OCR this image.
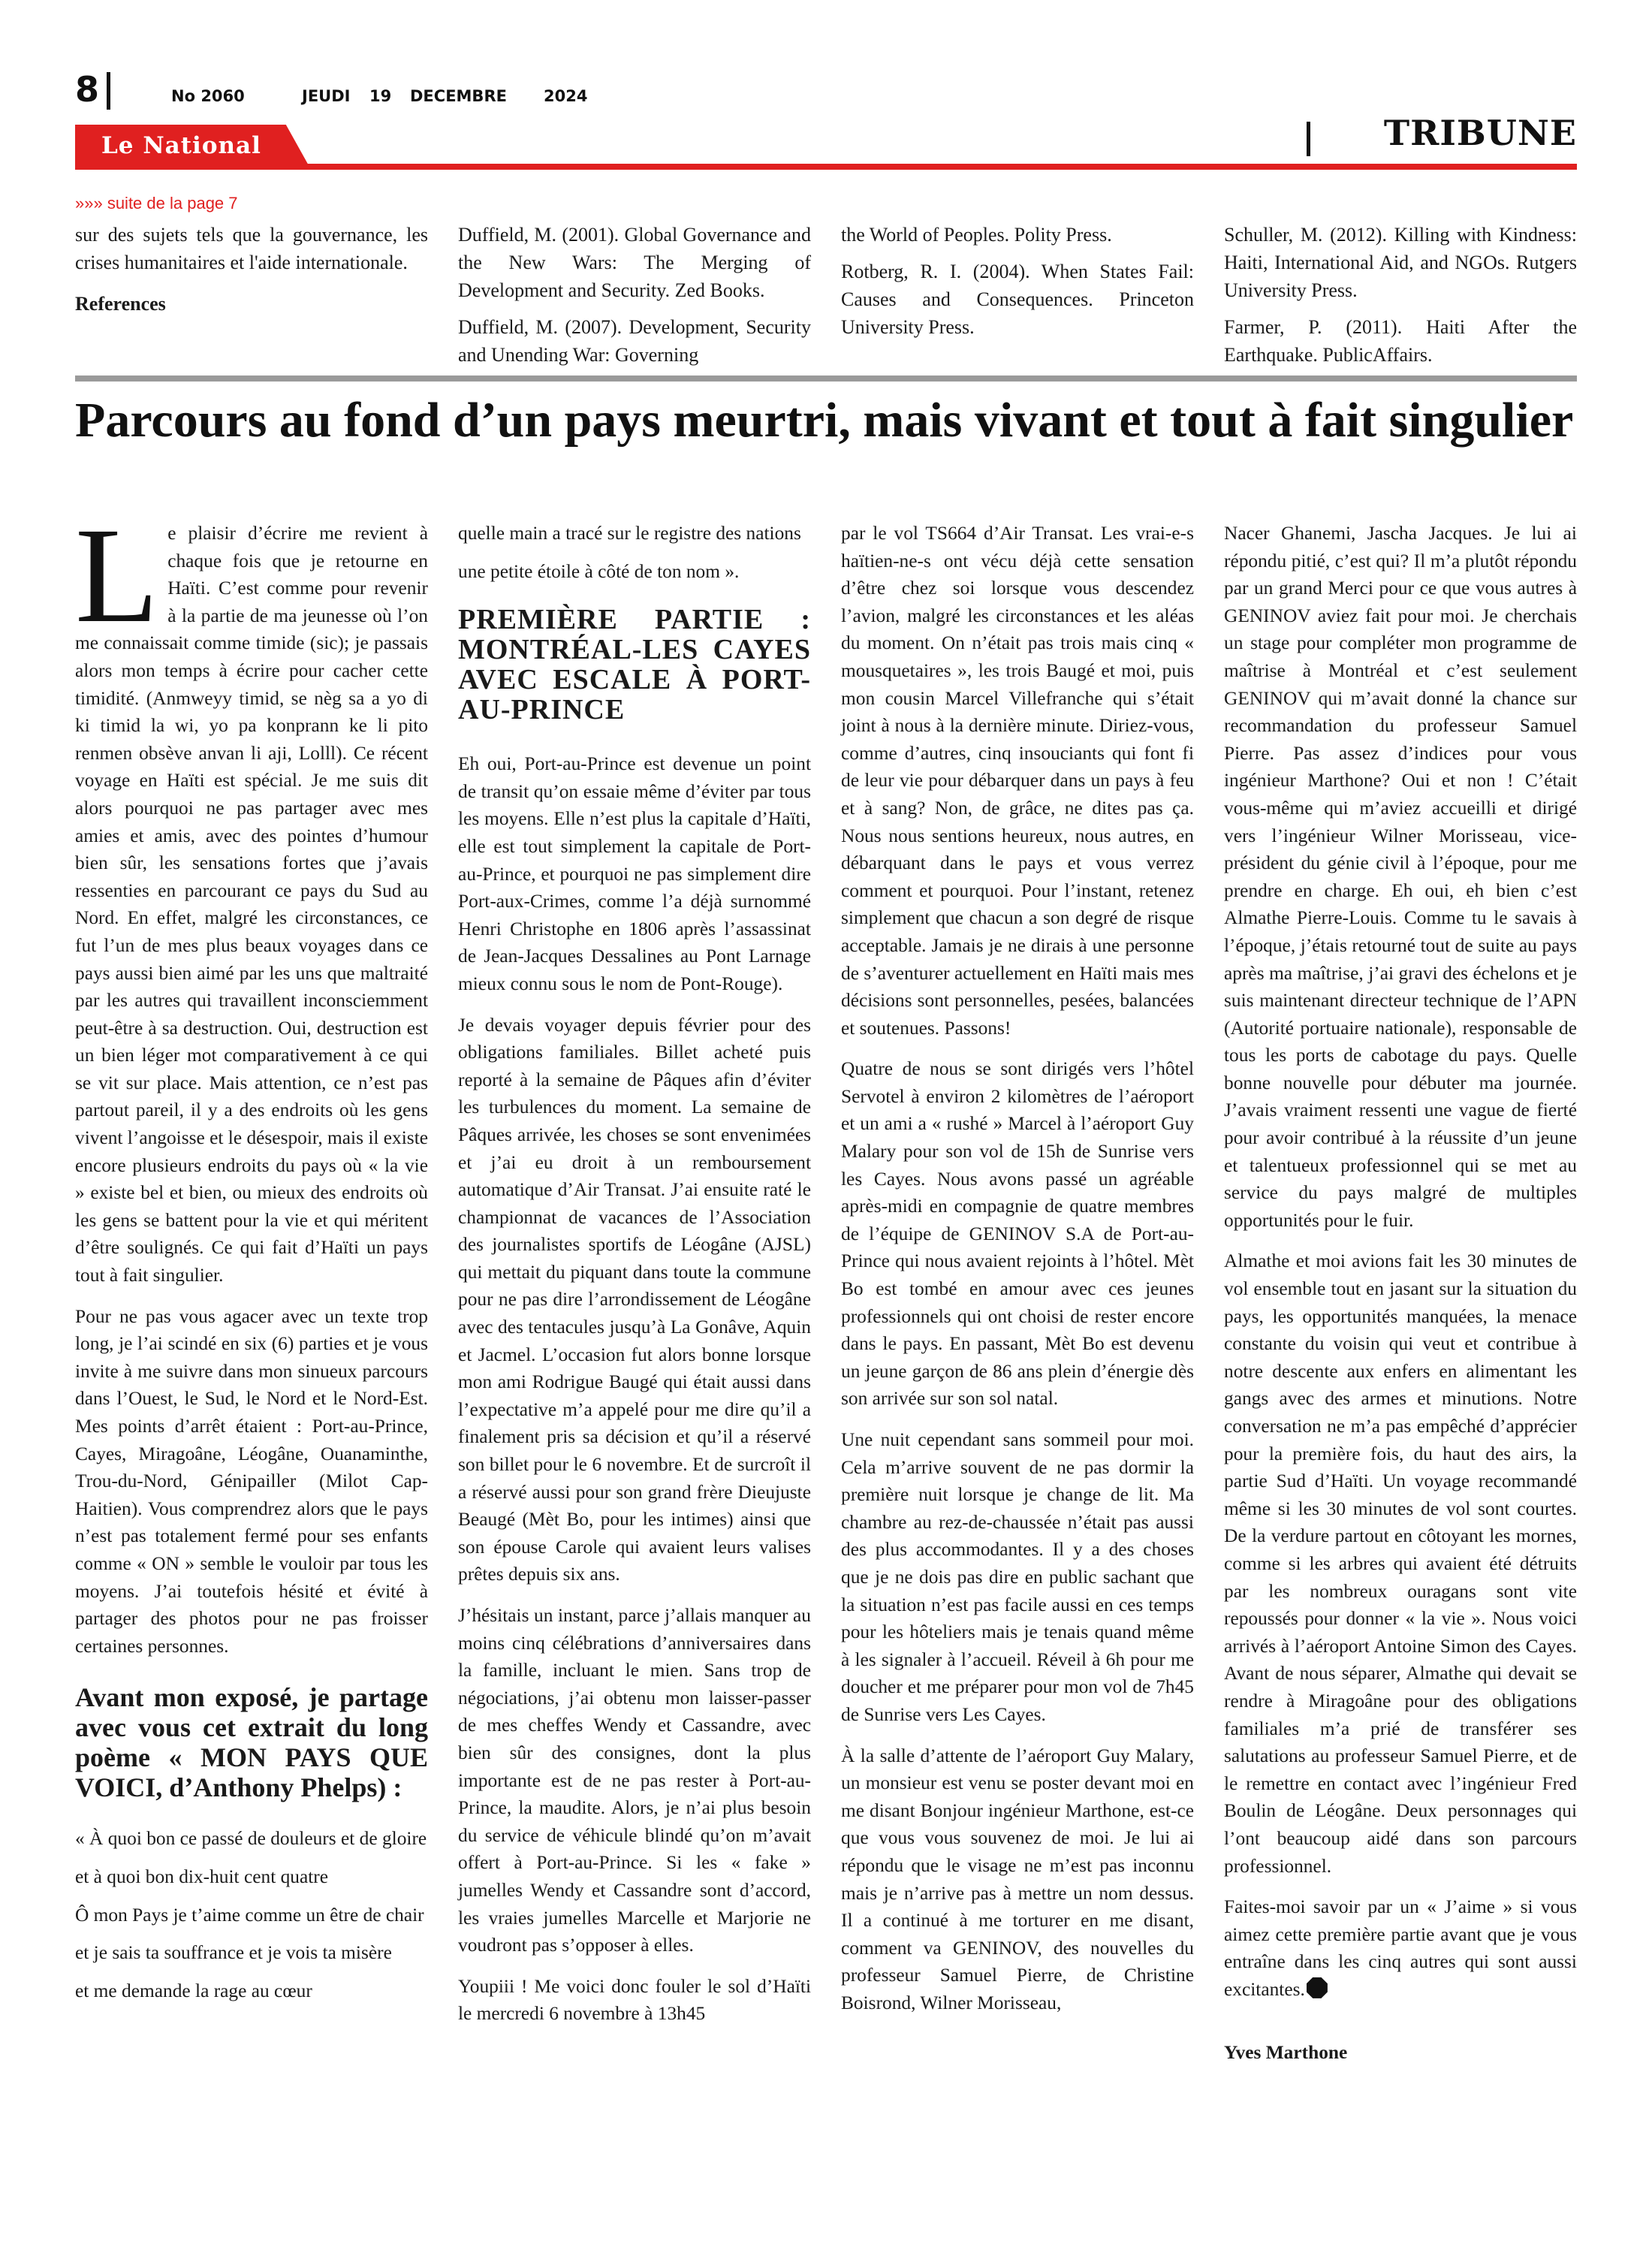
8	No 2060	JEUDI 19 DECEMBRE 2024
Le National	TRIBUNE
»»» suite de la page 7

sur des sujets tels que la gouvernance, les crises humanitaires et l'aide internationale.

References

Duffield, M. (2001). Global Governance and the New Wars: The Merging of Development and Security. Zed Books.

Duffield, M. (2007). Development, Security and Unending War: Governing

the World of Peoples. Polity Press.

Rotberg, R. I. (2004). When States Fail: Causes and Consequences. Princeton University Press.

Schuller, M. (2012). Killing with Kindness: Haiti, International Aid, and NGOs. Rutgers University Press.

Farmer, P. (2011). Haiti After the Earthquake. PublicAffairs.

Parcours au fond d’un pays meurtri, mais vivant et tout à fait singulier

Le plaisir d’écrire me revient à chaque fois que je retourne en Haïti. C’est comme pour revenir à la partie de ma jeunesse où l’on me connaissait comme timide (sic); je passais alors mon temps à écrire pour cacher cette timidité. (Anmweyy timid, se nèg sa a yo di ki timid la wi, yo pa konprann ke li pito renmen obsève anvan li aji, Lolll). Ce récent voyage en Haïti est spécial. Je me suis dit alors pourquoi ne pas partager avec mes amies et amis, avec des pointes d’humour bien sûr, les sensations fortes que j’avais ressenties en parcourant ce pays du Sud au Nord. En effet, malgré les circonstances, ce fut l’un de mes plus beaux voyages dans ce pays aussi bien aimé par les uns que maltraité par les autres qui travaillent inconsciemment peut-être à sa destruction. Oui, destruction est un bien léger mot comparativement à ce qui se vit sur place. Mais attention, ce n’est pas partout pareil, il y a des endroits où les gens vivent l’angoisse et le désespoir, mais il existe encore plusieurs endroits du pays où « la vie » existe bel et bien, ou mieux des endroits où les gens se battent pour la vie et qui méritent d’être soulignés. Ce qui fait d’Haïti un pays tout à fait singulier.

Pour ne pas vous agacer avec un texte trop long, je l’ai scindé en six (6) parties et je vous invite à me suivre dans mon sinueux parcours dans l’Ouest, le Sud, le Nord et le Nord-Est. Mes points d’arrêt étaient : Port-au-Prince, Cayes, Miragoâne, Léogâne, Ouanaminthe, Trou-du-Nord, Génipailler (Milot Cap-Haitien). Vous comprendrez alors que le pays n’est pas totalement fermé pour ses enfants comme « ON » semble le vouloir par tous les moyens. J’ai toutefois hésité et évité à partager des photos pour ne pas froisser certaines personnes.

Avant mon exposé, je partage avec vous cet extrait du long poème « MON PAYS QUE VOICI, d’Anthony Phelps) :

« À quoi bon ce passé de douleurs et de gloire

et à quoi bon dix-huit cent quatre

Ô mon Pays je t’aime comme un être de chair

et je sais ta souffrance et je vois ta misère

et me demande la rage au cœur

quelle main a tracé sur le registre des nations

une petite étoile à côté de ton nom ».

PREMIÈRE PARTIE : MONTRÉAL-LES CAYES AVEC ESCALE À PORT-AU-PRINCE

Eh oui, Port-au-Prince est devenue un point de transit qu’on essaie même d’éviter par tous les moyens. Elle n’est plus la capitale d’Haïti, elle est tout simplement la capitale de Port-au-Prince, et pourquoi ne pas simplement dire Port-aux-Crimes, comme l’a déjà surnommé Henri Christophe en 1806 après l’assassinat de Jean-Jacques Dessalines au Pont Larnage mieux connu sous le nom de Pont-Rouge).

Je devais voyager depuis février pour des obligations familiales. Billet acheté puis reporté à la semaine de Pâques afin d’éviter les turbulences du moment. La semaine de Pâques arrivée, les choses se sont envenimées et j’ai eu droit à un remboursement automatique d’Air Transat. J’ai ensuite raté le championnat de vacances de l’Association des journalistes sportifs de Léogâne (AJSL) qui mettait du piquant dans toute la commune pour ne pas dire l’arrondissement de Léogâne avec des tentacules jusqu’à La Gonâve, Aquin et Jacmel. L’occasion fut alors bonne lorsque mon ami Rodrigue Baugé qui était aussi dans l’expectative m’a appelé pour me dire qu’il a finalement pris sa décision et qu’il a réservé son billet pour le 6 novembre. Et de surcroît il a réservé aussi pour son grand frère Dieujuste Beaugé (Mèt Bo, pour les intimes) ainsi que son épouse Carole qui avaient leurs valises prêtes depuis six ans.

J’hésitais un instant, parce j’allais manquer au moins cinq célébrations d’anniversaires dans la famille, incluant le mien. Sans trop de négociations, j’ai obtenu mon laisser-passer de mes cheffes Wendy et Cassandre, avec bien sûr des consignes, dont la plus importante est de ne pas rester à Port-au-Prince, la maudite. Alors, je n’ai plus besoin du service de véhicule blindé qu’on m’avait offert à Port-au-Prince. Si les « fake » jumelles Wendy et Cassandre sont d’accord, les vraies jumelles Marcelle et Marjorie ne voudront pas s’opposer à elles.

Youpiii ! Me voici donc fouler le sol d’Haïti le mercredi 6 novembre à 13h45

par le vol TS664 d’Air Transat. Les vrai-e-s haïtien-ne-s ont vécu déjà cette sensation d’être chez soi lorsque vous descendez l’avion, malgré les circonstances et les aléas du moment. On n’était pas trois mais cinq « mousquetaires », les trois Baugé et moi, puis mon cousin Marcel Villefranche qui s’était joint à nous à la dernière minute. Diriez-vous, comme d’autres, cinq insouciants qui font fi de leur vie pour débarquer dans un pays à feu et à sang? Non, de grâce, ne dites pas ça. Nous nous sentions heureux, nous autres, en débarquant dans le pays et vous verrez comment et pourquoi. Pour l’instant, retenez simplement que chacun a son degré de risque acceptable. Jamais je ne dirais à une personne de s’aventurer actuellement en Haïti mais mes décisions sont personnelles, pesées, balancées et soutenues. Passons!

Quatre de nous se sont dirigés vers l’hôtel Servotel à environ 2 kilomètres de l’aéroport et un ami a « rushé » Marcel à l’aéroport Guy Malary pour son vol de 15h de Sunrise vers les Cayes. Nous avons passé un agréable après-midi en compagnie de quatre membres de l’équipe de GENINOV S.A de Port-au-Prince qui nous avaient rejoints à l’hôtel. Mèt Bo est tombé en amour avec ces jeunes professionnels qui ont choisi de rester encore dans le pays. En passant, Mèt Bo est devenu un jeune garçon de 86 ans plein d’énergie dès son arrivée sur son sol natal.

Une nuit cependant sans sommeil pour moi. Cela m’arrive souvent de ne pas dormir la première nuit lorsque je change de lit. Ma chambre au rez-de-chaussée n’était pas aussi des plus accommodantes. Il y a des choses que je ne dois pas dire en public sachant que la situation n’est pas facile aussi en ces temps pour les hôteliers mais je tenais quand même à les signaler à l’accueil. Réveil à 6h pour me doucher et me préparer pour mon vol de 7h45 de Sunrise vers Les Cayes.

À la salle d’attente de l’aéroport Guy Malary, un monsieur est venu se poster devant moi en me disant Bonjour ingénieur Marthone, est-ce que vous vous souvenez de moi. Je lui ai répondu que le visage ne m’est pas inconnu mais je n’arrive pas à mettre un nom dessus. Il a continué à me torturer en me disant, comment va GENINOV, des nouvelles du professeur Samuel Pierre, de Christine Boisrond, Wilner Morisseau,

Nacer Ghanemi, Jascha Jacques. Je lui ai répondu pitié, c’est qui? Il m’a plutôt répondu par un grand Merci pour ce que vous autres à GENINOV aviez fait pour moi. Je cherchais un stage pour compléter mon programme de maîtrise à Montréal et c’est seulement GENINOV qui m’avait donné la chance sur recommandation du professeur Samuel Pierre. Pas assez d’indices pour vous ingénieur Marthone? Oui et non ! C’était vous-même qui m’aviez accueilli et dirigé vers l’ingénieur Wilner Morisseau, vice-président du génie civil à l’époque, pour me prendre en charge. Eh oui, eh bien c’est Almathe Pierre-Louis. Comme tu le savais à l’époque, j’étais retourné tout de suite au pays après ma maîtrise, j’ai gravi des échelons et je suis maintenant directeur technique de l’APN (Autorité portuaire nationale), responsable de tous les ports de cabotage du pays. Quelle bonne nouvelle pour débuter ma journée. J’avais vraiment ressenti une vague de fierté pour avoir contribué à la réussite d’un jeune et talentueux professionnel qui se met au service du pays malgré de multiples opportunités pour le fuir.

Almathe et moi avions fait les 30 minutes de vol ensemble tout en jasant sur la situation du pays, les opportunités manquées, la menace constante du voisin qui veut et contribue à notre descente aux enfers en alimentant les gangs avec des armes et minutions. Notre conversation ne m’a pas empêché d’apprécier pour la première fois, du haut des airs, la partie Sud d’Haïti. Un voyage recommandé même si les 30 minutes de vol sont courtes. De la verdure partout en côtoyant les mornes, comme si les arbres qui avaient été détruits par les nombreux ouragans sont vite repoussés pour donner « la vie ». Nous voici arrivés à l’aéroport Antoine Simon des Cayes. Avant de nous séparer, Almathe qui devait se rendre à Miragoâne pour des obligations familiales m’a prié de transférer ses salutations au professeur Samuel Pierre, et de le remettre en contact avec l’ingénieur Fred Boulin de Léogâne. Deux personnages qui l’ont beaucoup aidé dans son parcours professionnel.

Faites-moi savoir par un « J’aime » si vous aimez cette première partie avant que je vous entraîne dans les cinq autres qui sont aussi excitantes.

Yves Marthone
